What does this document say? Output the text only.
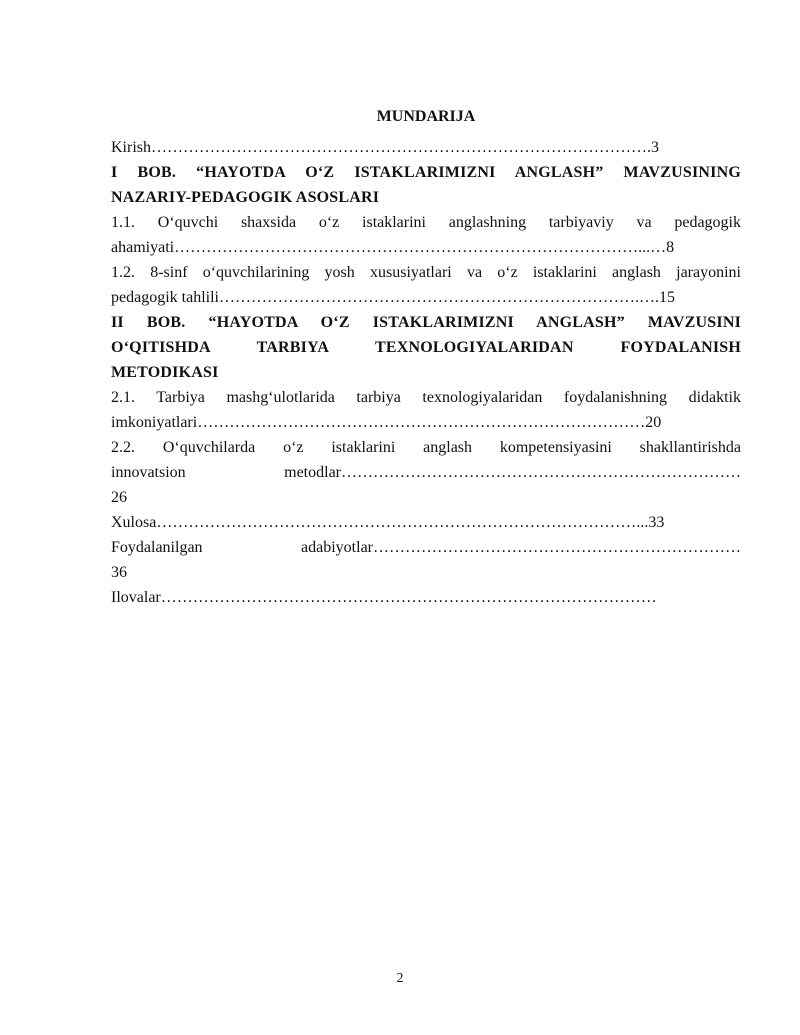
MUNDARIJA
Kirish………………………………………………………………………………….3
I BOB. “HAYOTDA O‘Z ISTAKLARIMIZNI ANGLASH” MAVZUSINING
NAZARIY-PEDAGOGIK ASOSLARI
1.1. O‘quvchi shaxsida o‘z istaklarini anglashning tarbiyaviy va pedagogik
ahamiyati……………………………………………………………………………...…8
1.2. 8-sinf o‘quvchilarining yosh xususiyatlari va o‘z istaklarini anglash jarayonini
pedagogik tahlili…………………………………………………………………….….15
II BOB. “HAYOTDA O‘Z ISTAKLARIMIZNI ANGLASH” MAVZUSINI
O‘QITISHDA TARBIYA TEXNOLOGIYALARIDAN FOYDALANISH
METODIKASI
2.1. Tarbiya mashg‘ulotlarida tarbiya texnologiyalaridan foydalanishning didaktik
imkoniyatlari…………………………………………………………………………20
2.2. O‘quvchilarda o‘z istaklarini anglash kompetensiyasini shakllantirishda
innovatsion metodlar…………………………………………………………………
26
Xulosa………………………………………………………………………………...33
Foydalanilgan adabiyotlar……………………………………………………………
36
Ilovalar…………………………………………………………………………………
2
